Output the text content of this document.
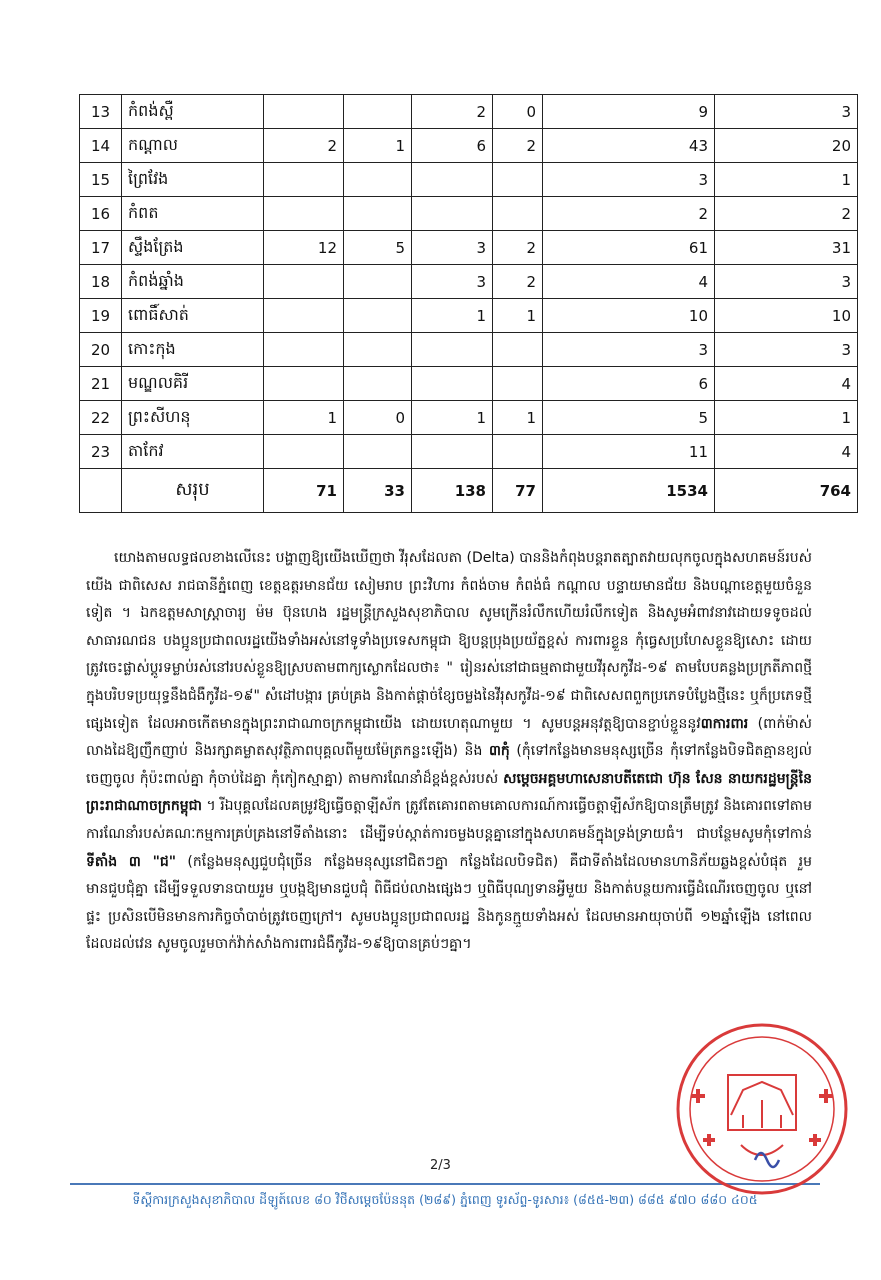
13	កំពង់ស្ពឺ			2	0	9	3
14	កណ្ដាល	2	1	6	2	43	20
15	ព្រៃវែង					3	1
16	កំពត					2	2
17	ស្ទឹងត្រែង	12	5	3	2	61	31
18	កំពង់ឆ្នាំង			3	2	4	3
19	ពោធិ៍សាត់			1	1	10	10
20	កោះកុង					3	3
21	មណ្ឌលគិរី					6	4
22	ព្រះសីហនុ	1	0	1	1	5	1
23	តាកែវ					11	4
	សរុប	71	33	138	77	1534	764

យោងតាមលទ្ធផលខាងលើនេះ បង្ហាញឱ្យយើងឃើញថា វីរុសដែលតា (Delta) បាននិងកំពុងបន្តរាតត្បាតវាយលុកចូលក្នុងសហគមន៍របស់យើង ជាពិសេស រាជធានីភ្នំពេញ ខេត្តឧត្ដរមានជ័យ សៀមរាប ព្រះវិហារ កំពង់ចាម កំពង់ធំ កណ្ដាល បន្ទាយមានជ័យ និងបណ្ដាខេត្តមួយចំនួនទៀត ។ ឯកឧត្ដមសាស្ត្រាចារ្យ ម៉ម ប៊ុនហេង រដ្ឋមន្ត្រីក្រសួងសុខាភិបាល សូមក្រើនរំលឹកហើយរំលឹកទៀត និងសូមអំពាវនាវដោយទទូចដល់សាធារណជន បងប្អូនប្រជាពលរដ្ឋយើងទាំងអស់នៅទូទាំងប្រទេសកម្ពុជា ឱ្យបន្តប្រុងប្រយ័ត្នខ្ពស់ ការពារខ្លួន កុំធ្វេសប្រហែសខ្លួនឱ្យសោះ ដោយត្រូវចេះផ្លាស់ប្ដូរទម្លាប់រស់នៅរបស់ខ្លួនឱ្យស្របតាមពាក្យស្លោកដែលថា៖ " រៀនរស់នៅជាធម្មតាជាមួយវីរុសកូវីដ-១៩ តាមបែបគន្លងប្រក្រតីភាពថ្មី ក្នុងបរិបទប្រយុទ្ធនឹងជំងឺកូវីដ-១៩" សំដៅបង្ការ គ្រប់គ្រង និងកាត់ផ្ដាច់ខ្សែចម្លងនៃវីរុសកូវីដ-១៩ ជាពិសេសពពួកប្រភេទបំប្លែងថ្មីនេះ ឬក៏ប្រភេទថ្មីផ្សេងទៀត ដែលអាចកើតមានក្នុងព្រះរាជាណាចក្រកម្ពុជាយើង ដោយហេតុណាមួយ ។ សូមបន្តអនុវត្តឱ្យបានខ្ជាប់ខ្ជួននូវ៣ការពារ (ពាក់ម៉ាស់ លាងដៃឱ្យញឹកញាប់ និងរក្សាគម្លាតសុវត្ថិភាពបុគ្គលពីមួយម៉ែត្រកន្លះឡើង) និង ៣កុំ (កុំទៅកន្លែងមានមនុស្សច្រើន កុំទៅកន្លែងបិទជិតគ្មានខ្យល់ចេញចូល កុំប៉ះពាល់គ្នា កុំចាប់ដៃគ្នា កុំកៀកស្មាគ្នា) តាមការណែនាំដ៏ខ្ពង់ខ្ពស់របស់ សម្ដេចអគ្គមហាសេនាបតីតេជោ ហ៊ុន សែន នាយករដ្ឋមន្ត្រីនៃព្រះរាជាណាចក្រកម្ពុជា ។ រីឯបុគ្គលដែលគម្រូវឱ្យធ្វើចត្តាឡីស័ក ត្រូវតែគោរពតាមគោលការណ៍ការធ្វើចត្តាឡីស័កឱ្យបានត្រឹមត្រូវ និងគោរពទៅតាមការណែនាំរបស់គណៈកម្មការគ្រប់គ្រងនៅទីតាំងនោះ ដើម្បីទប់ស្កាត់ការចម្លងបន្តគ្នានៅក្នុងសហគមន៍ក្នុងទ្រង់ទ្រាយធំ។ ជាបន្ថែមសូមកុំទៅកាន់ទីតាំង ៣ "ជ" (កន្លែងមនុស្សជួបជុំច្រើន កន្លែងមនុស្សនៅជិតៗគ្នា កន្លែងដែលបិទជិត) គឺជាទីតាំងដែលមានហានិភ័យឆ្លងខ្ពស់បំផុត រួមមានជួបជុំគ្នា ដើម្បីទទួលទានបាយរួម ឬបង្កឱ្យមានជួបជុំ ពិធីជប់លាងផ្សេងៗ ឬពិធីបុណ្យទានអ្វីមួយ និងកាត់បន្ថយការធ្វើដំណើរចេញចូល ឬនៅផ្ទះ ប្រសិនបើមិនមានការកិច្ចចាំបាច់ត្រូវចេញក្រៅ។ សូមបងប្អូនប្រជាពលរដ្ឋ និងកូនក្មួយទាំងអស់ ដែលមានអាយុចាប់ពី ១២ឆ្នាំឡើង នៅពេលដែលដល់វេន សូមចូលរួមចាក់វ៉ាក់សាំងការពារជំងឺកូវីដ-១៩ឱ្យបានគ្រប់ៗគ្នា។

2/3
ទីស្ដីការក្រសួងសុខាភិបាល ដីឡូត៍លេខ ៨០ វិថីសម្ដេចប៉ែននុត (២៨៩) ភ្នំពេញ ទូរស័ព្ទ-ទូរសារ៖ (៨៥៥-២៣) ៨៨៥ ៩៧០ ៨៨០ ៤០៥
